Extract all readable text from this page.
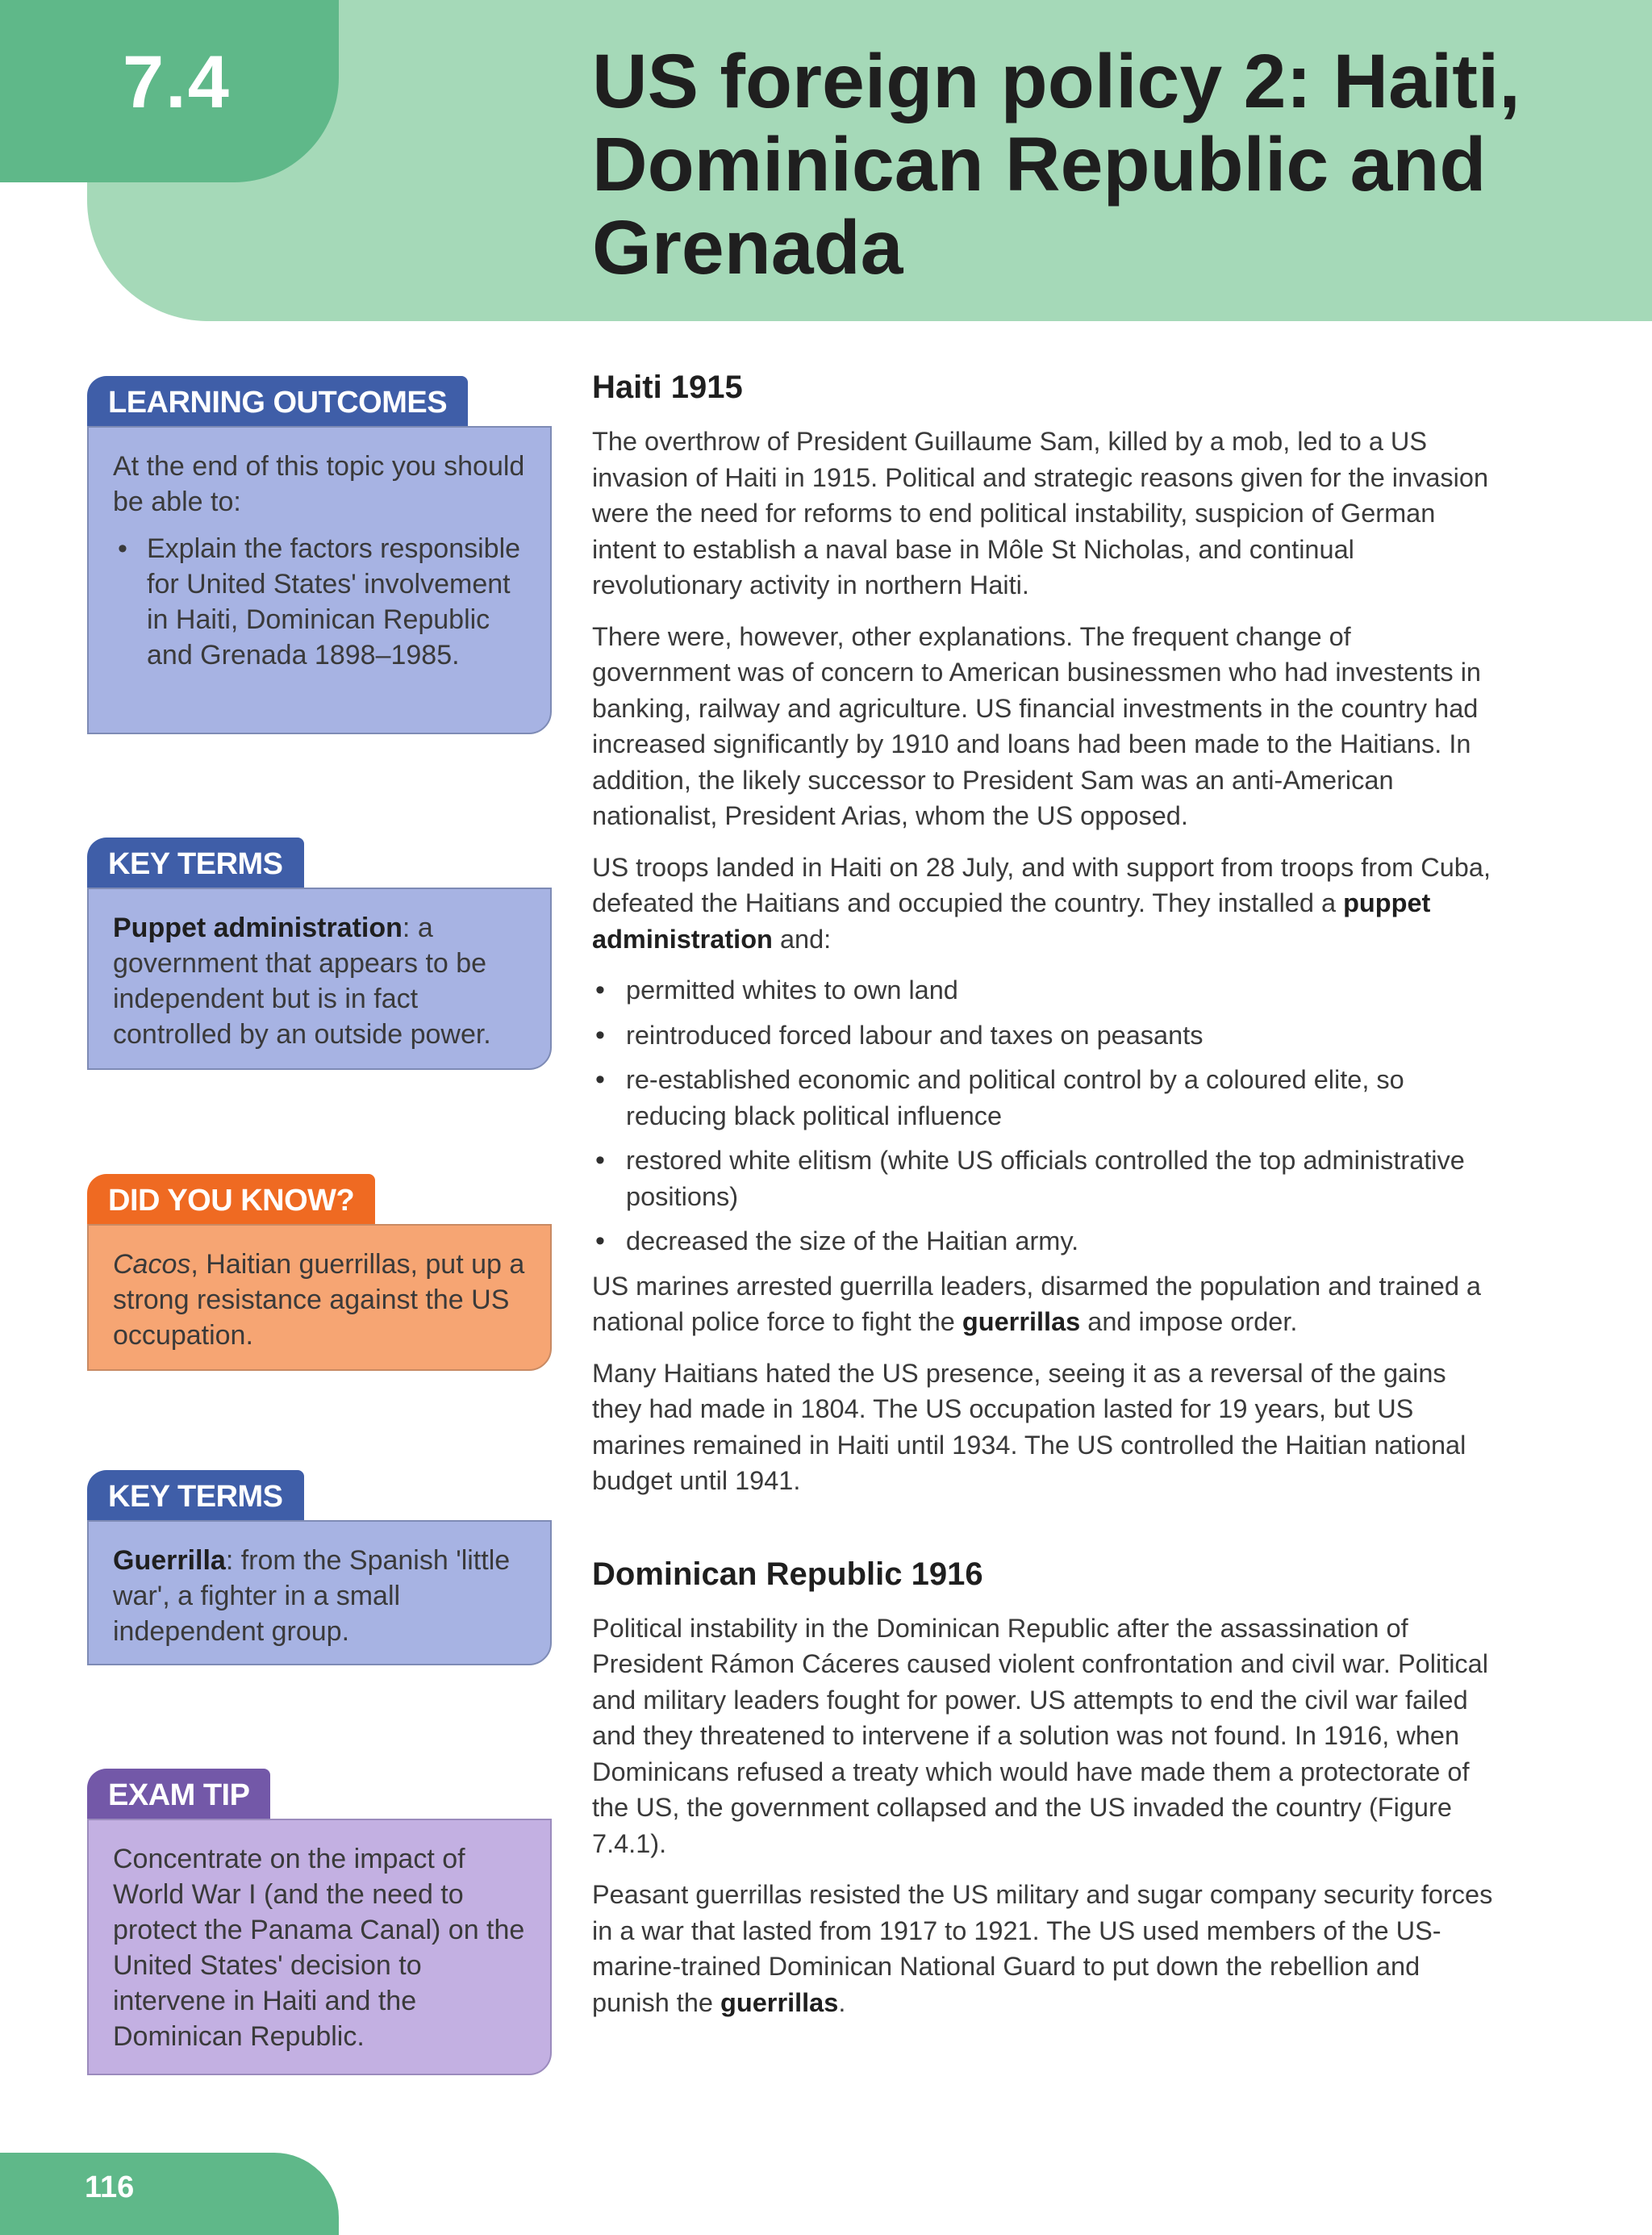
7.4	US foreign policy 2: Haiti, Dominican Republic and Grenada
LEARNING OUTCOMES

At the end of this topic you should be able to:

• Explain the factors responsible for United States' involvement in Haiti, Dominican Republic and Grenada 1898–1985.
KEY TERMS

Puppet administration: a government that appears to be independent but is in fact controlled by an outside power.

DID YOU KNOW?

Cacos, Haitian guerrillas, put up a strong resistance against the US occupation.

KEY TERMS

Guerrilla: from the Spanish 'little war', a fighter in a small independent group.

EXAM TIP

Concentrate on the impact of World War I (and the need to protect the Panama Canal) on the United States' decision to intervene in Haiti and the Dominican Republic.

Haiti 1915

The overthrow of President Guillaume Sam, killed by a mob, led to a US invasion of Haiti in 1915. Political and strategic reasons given for the invasion were the need for reforms to end political instability, suspicion of German intent to establish a naval base in Môle St Nicholas, and continual revolutionary activity in northern Haiti.

There were, however, other explanations. The frequent change of government was of concern to American businessmen who had investents in banking, railway and agriculture. US financial investments in the country had increased significantly by 1910 and loans had been made to the Haitians. In addition, the likely successor to President Sam was an anti-American nationalist, President Arias, whom the US opposed.

US troops landed in Haiti on 28 July, and with support from troops from Cuba, defeated the Haitians and occupied the country. They installed a puppet administration and:

• permitted whites to own land
• reintroduced forced labour and taxes on peasants
• re-established economic and political control by a coloured elite, so reducing black political influence
• restored white elitism (white US officials controlled the top administrative positions)
• decreased the size of the Haitian army.

US marines arrested guerrilla leaders, disarmed the population and trained a national police force to fight the guerrillas and impose order.

Many Haitians hated the US presence, seeing it as a reversal of the gains they had made in 1804. The US occupation lasted for 19 years, but US marines remained in Haiti until 1934. The US controlled the Haitian national budget until 1941.

Dominican Republic 1916

Political instability in the Dominican Republic after the assassination of President Rámon Cáceres caused violent confrontation and civil war. Political and military leaders fought for power. US attempts to end the civil war failed and they threatened to intervene if a solution was not found. In 1916, when Dominicans refused a treaty which would have made them a protectorate of the US, the government collapsed and the US invaded the country (Figure 7.4.1).

Peasant guerrillas resisted the US military and sugar company security forces in a war that lasted from 1917 to 1921. The US used members of the US-marine-trained Dominican National Guard to put down the rebellion and punish the guerrillas.

116
